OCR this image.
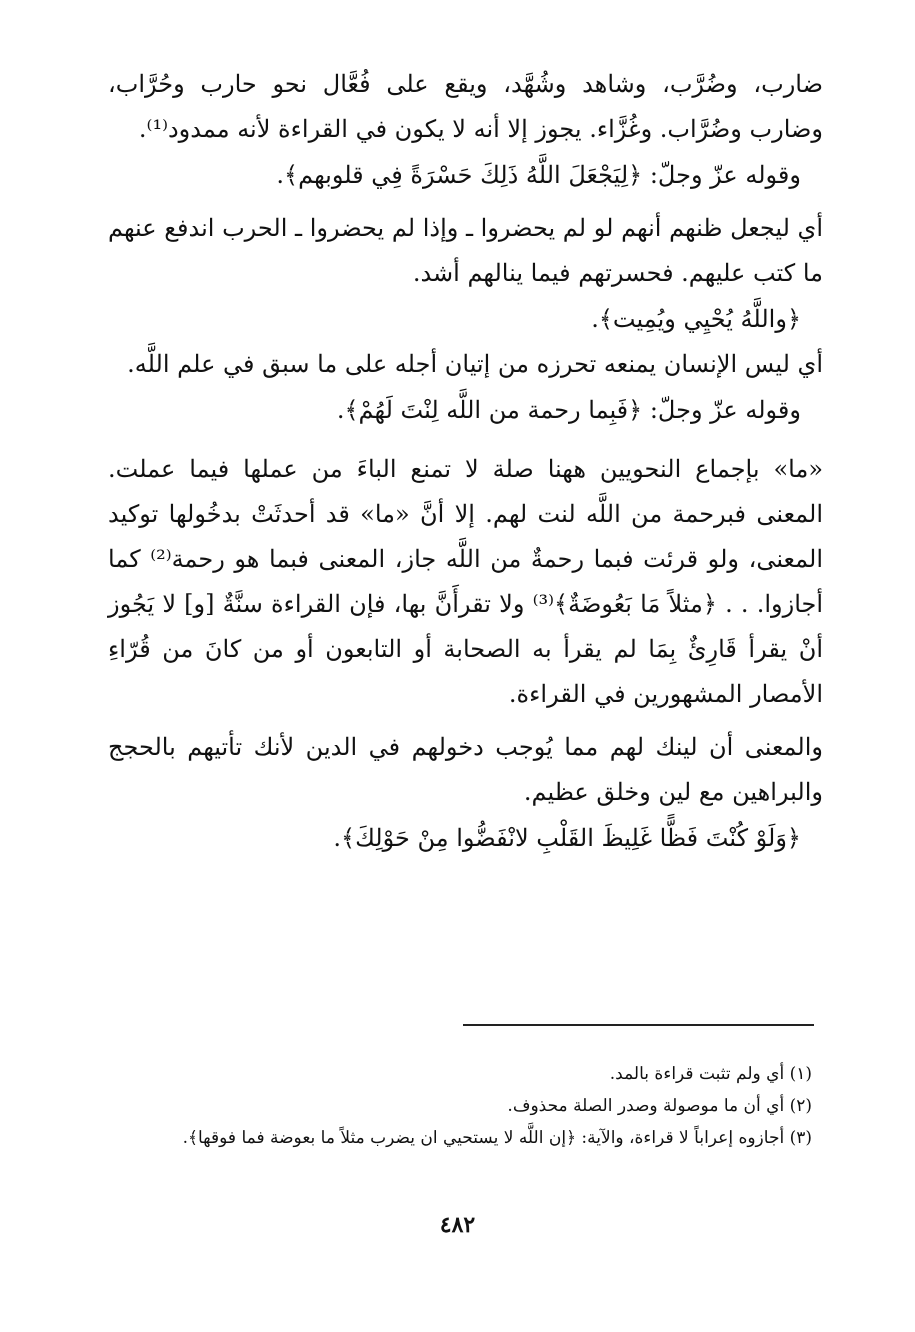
ضارب، وضُرَّب، وشاهد وشُهَّد، ويقع على فُعَّال نحو حارب وحُرَّاب، وضارب وضُرَّاب. وغُزَّاء. يجوز إلا أنه لا يكون في القراءة لأنه ممدود⁽¹⁾.

وقوله عزّ وجلّ: ﴿لِيَجْعَلَ اللَّهُ ذَلِكَ حَسْرَةً فِي قلوبهم﴾.

أي ليجعل ظنهم أنهم لو لم يحضروا ـ وإذا لم يحضروا ـ الحرب اندفع عنهم ما كتب عليهم. فحسرتهم فيما ينالهم أشد.

﴿واللَّهُ يُحْيِي ويُمِيت﴾.

أي ليس الإنسان يمنعه تحرزه من إتيان أجله على ما سبق في علم اللَّه.

وقوله عزّ وجلّ: ﴿فَبِما رحمة من اللَّه لِنْتَ لَهُمْ﴾.

«ما» بإجماع النحويين ههنا صلة لا تمنع الباءَ من عملها فيما عملت. المعنى فبرحمة من اللَّه لنت لهم. إلا أنَّ «ما» قد أحدثَتْ بدخُولها توكيد المعنى، ولو قرئت فبما رحمةٌ من اللَّه جاز، المعنى فبما هو رحمة⁽²⁾ كما أجازوا. . . ﴿مثلاً مَا بَعُوضَةٌ﴾⁽³⁾ ولا تقرأَنَّ بها، فإن القراءة سنَّةٌ [و] لا يَجُوز أنْ يقرأ قَارِئٌ بِمَا لم يقرأ به الصحابة أو التابعون أو من كانَ من قُرّاءِ الأمصار المشهورين في القراءة.

والمعنى أن لينك لهم مما يُوجب دخولهم في الدين لأنك تأتيهم بالحجج والبراهين مع لين وخلق عظيم.

﴿وَلَوْ كُنْتَ فَظًّا غَلِيظَ القَلْبِ لانْفَضُّوا مِنْ حَوْلِكَ﴾.

(١) أي ولم تثبت قراءة بالمد.

(٢) أي أن ما موصولة وصدر الصلة محذوف.

(٣) أجازوه إعراباً لا قراءة، والآية: ﴿إن اللَّه لا يستحيي ان يضرب مثلاً ما بعوضة فما فوقها﴾.

٤٨٢
